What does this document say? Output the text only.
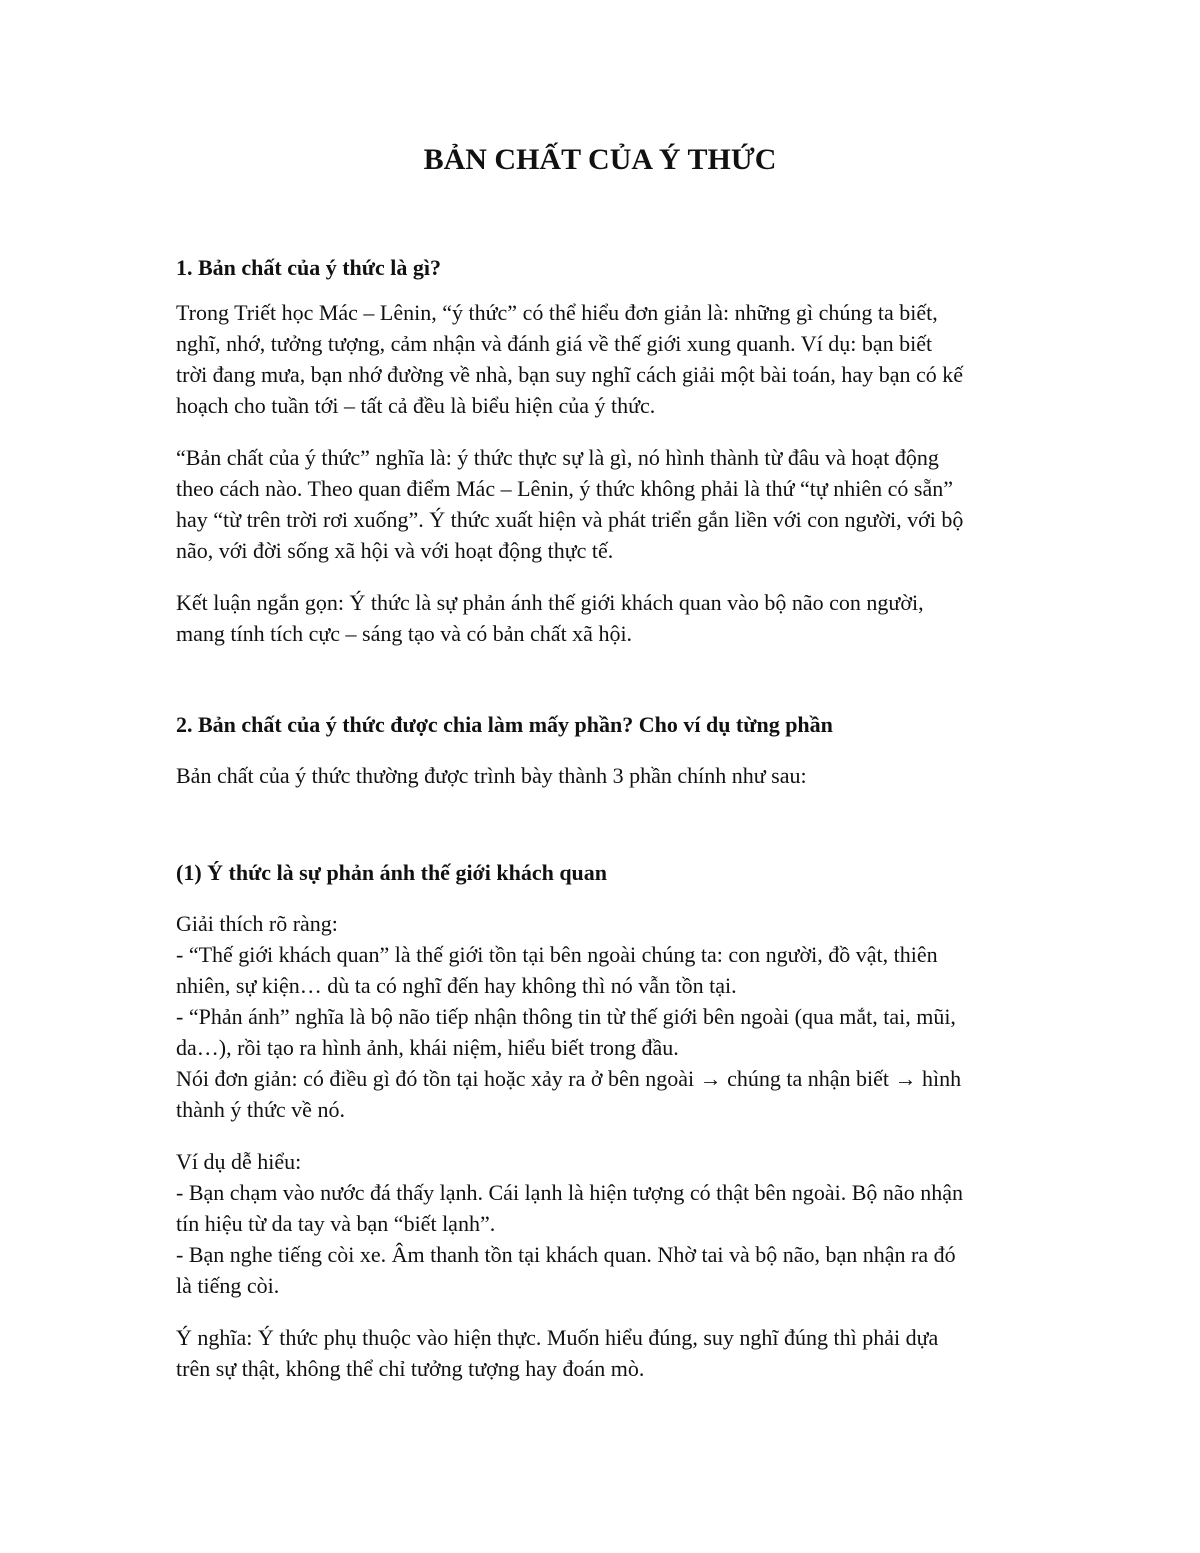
BẢN CHẤT CỦA Ý THỨC
1. Bản chất của ý thức là gì?

Trong Triết học Mác – Lênin, “ý thức” có thể hiểu đơn giản là: những gì chúng ta biết,
nghĩ, nhớ, tưởng tượng, cảm nhận và đánh giá về thế giới xung quanh. Ví dụ: bạn biết
trời đang mưa, bạn nhớ đường về nhà, bạn suy nghĩ cách giải một bài toán, hay bạn có kế
hoạch cho tuần tới – tất cả đều là biểu hiện của ý thức.

“Bản chất của ý thức” nghĩa là: ý thức thực sự là gì, nó hình thành từ đâu và hoạt động
theo cách nào. Theo quan điểm Mác – Lênin, ý thức không phải là thứ “tự nhiên có sẵn”
hay “từ trên trời rơi xuống”. Ý thức xuất hiện và phát triển gắn liền với con người, với bộ
não, với đời sống xã hội và với hoạt động thực tế.

Kết luận ngắn gọn: Ý thức là sự phản ánh thế giới khách quan vào bộ não con người,
mang tính tích cực – sáng tạo và có bản chất xã hội.

2. Bản chất của ý thức được chia làm mấy phần? Cho ví dụ từng phần

Bản chất của ý thức thường được trình bày thành 3 phần chính như sau:

(1) Ý thức là sự phản ánh thế giới khách quan

Giải thích rõ ràng:
- “Thế giới khách quan” là thế giới tồn tại bên ngoài chúng ta: con người, đồ vật, thiên
nhiên, sự kiện… dù ta có nghĩ đến hay không thì nó vẫn tồn tại.
- “Phản ánh” nghĩa là bộ não tiếp nhận thông tin từ thế giới bên ngoài (qua mắt, tai, mũi,
da…), rồi tạo ra hình ảnh, khái niệm, hiểu biết trong đầu.
Nói đơn giản: có điều gì đó tồn tại hoặc xảy ra ở bên ngoài → chúng ta nhận biết → hình
thành ý thức về nó.

Ví dụ dễ hiểu:
- Bạn chạm vào nước đá thấy lạnh. Cái lạnh là hiện tượng có thật bên ngoài. Bộ não nhận
tín hiệu từ da tay và bạn “biết lạnh”.
- Bạn nghe tiếng còi xe. Âm thanh tồn tại khách quan. Nhờ tai và bộ não, bạn nhận ra đó
là tiếng còi.

Ý nghĩa: Ý thức phụ thuộc vào hiện thực. Muốn hiểu đúng, suy nghĩ đúng thì phải dựa
trên sự thật, không thể chỉ tưởng tượng hay đoán mò.
